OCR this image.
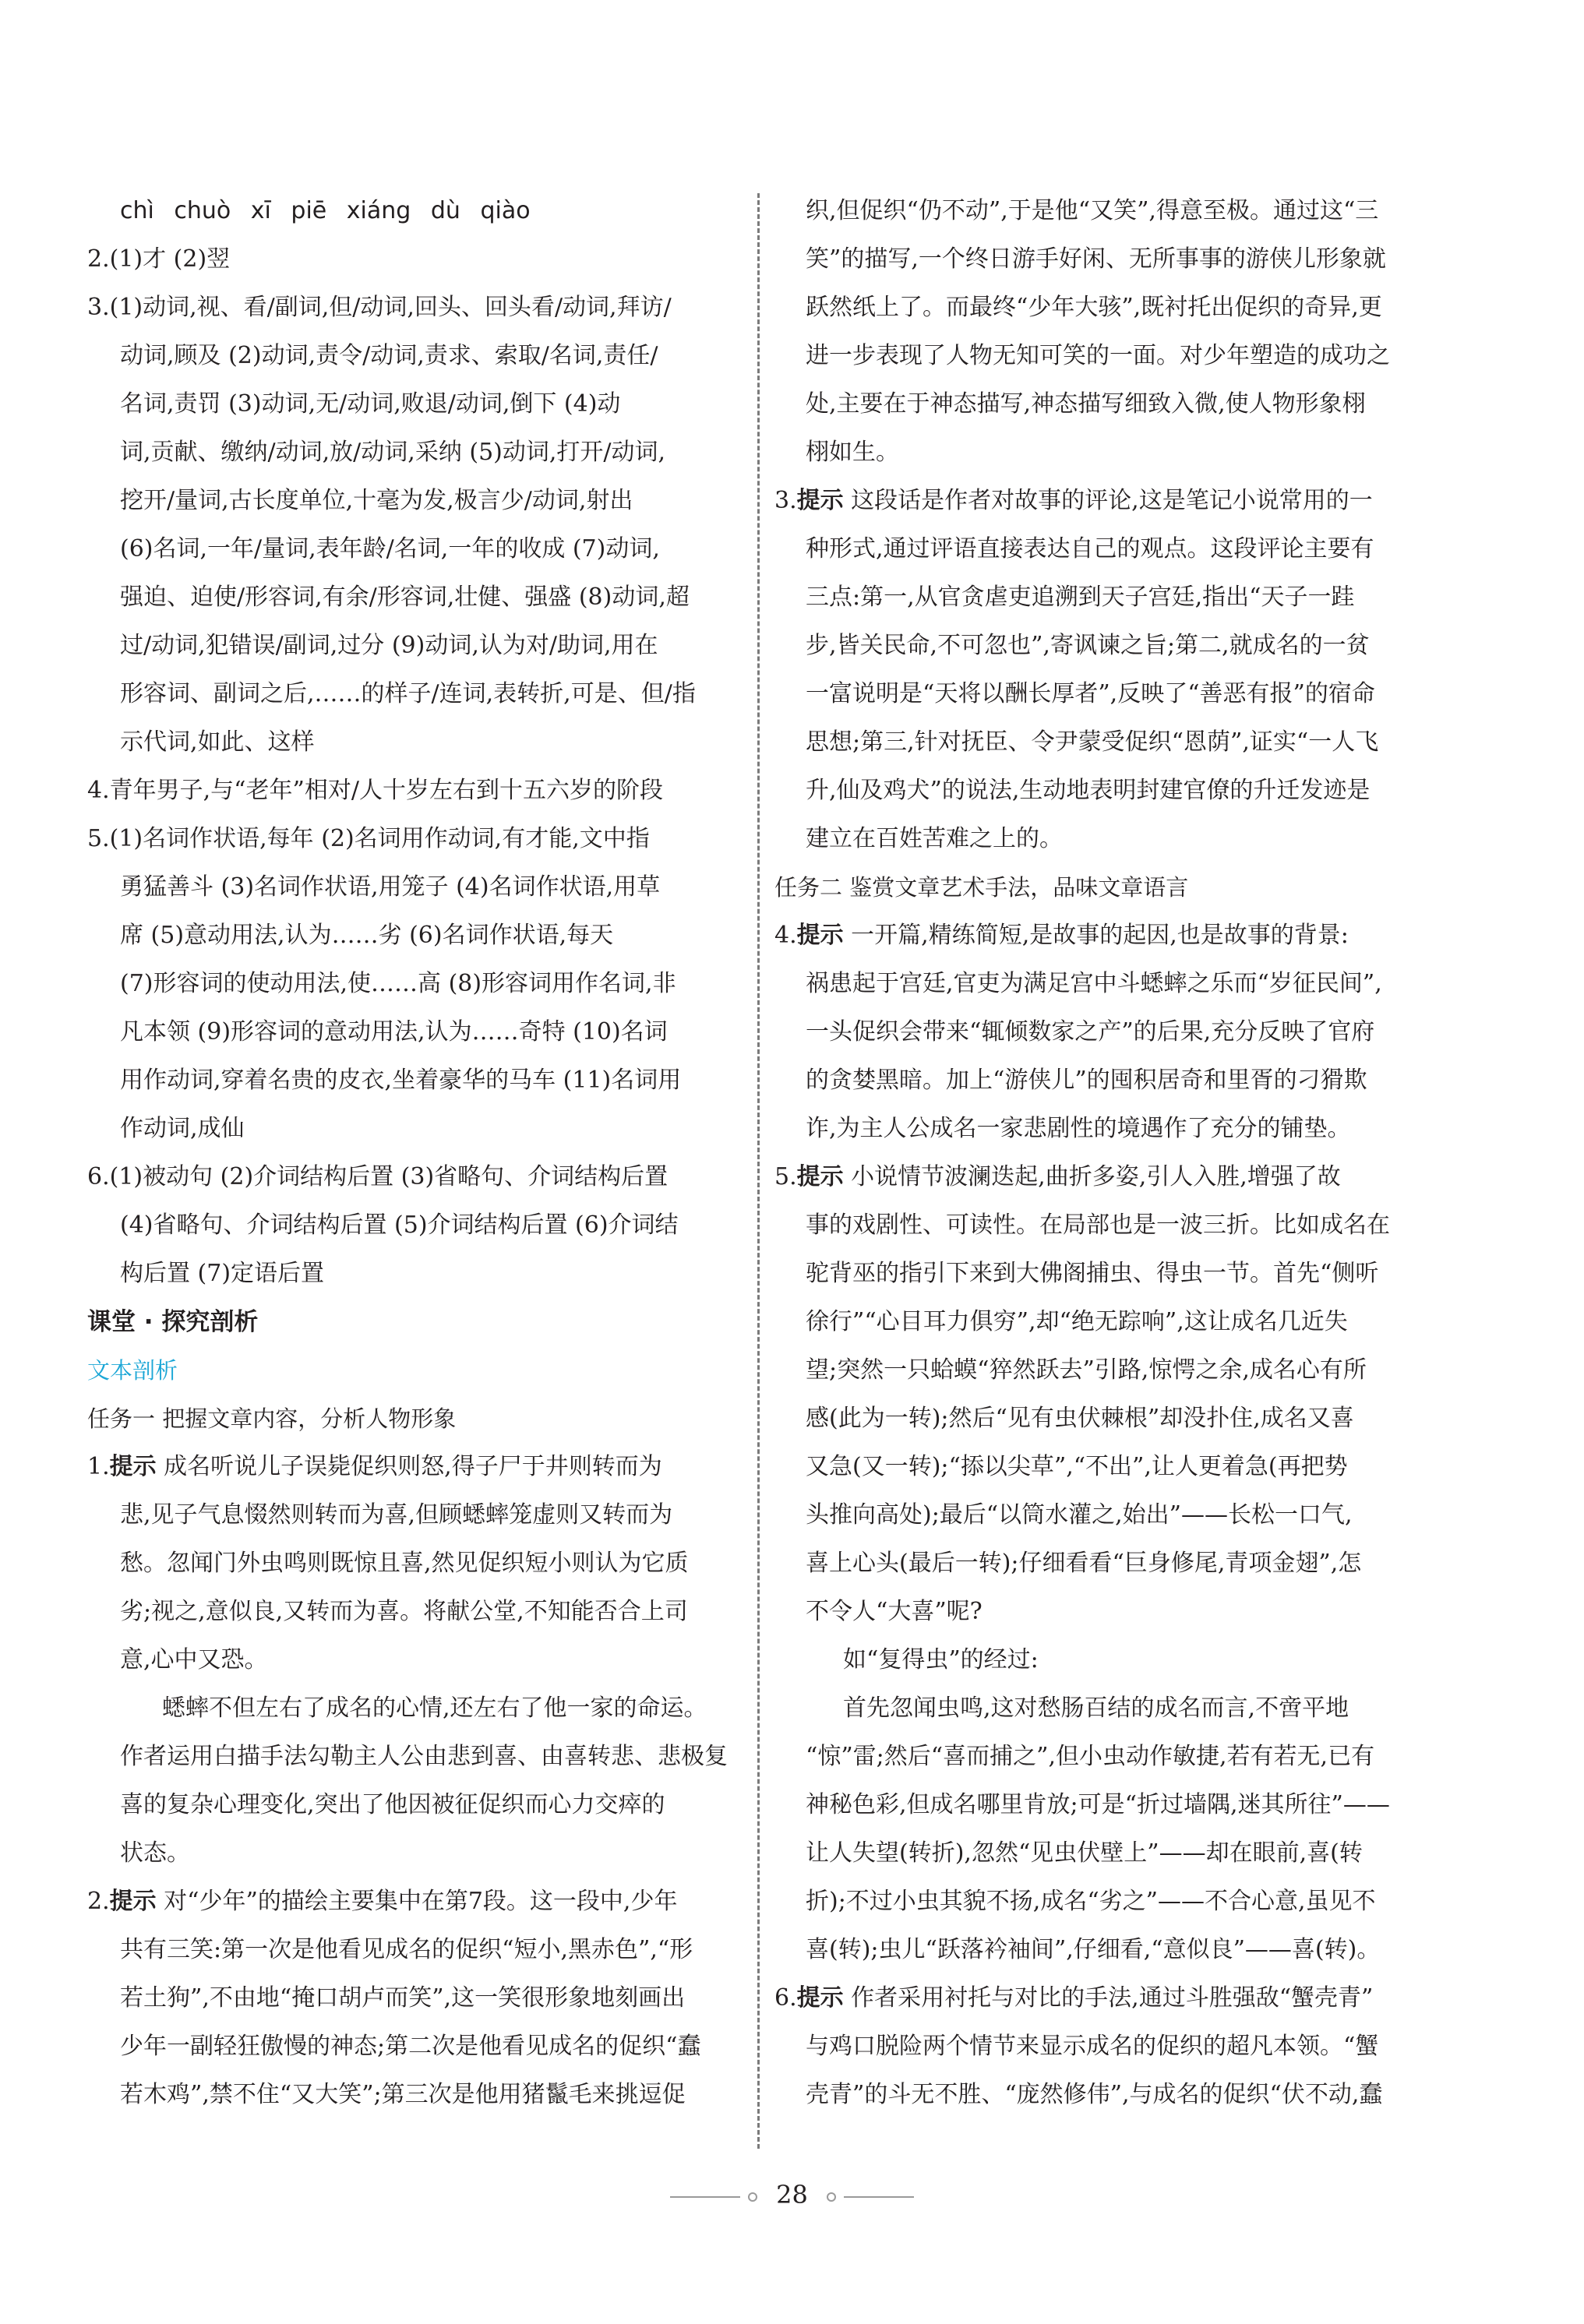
chì chuò xī piē xiáng dù qiào
2.(1)才 (2)翌
3.(1)动词,视、看/副词,但/动词,回头、回头看/动词,拜访/
动词,顾及 (2)动词,责令/动词,责求、索取/名词,责任/
名词,责罚 (3)动词,无/动词,败退/动词,倒下 (4)动
词,贡献、缴纳/动词,放/动词,采纳 (5)动词,打开/动词,
挖开/量词,古长度单位,十毫为发,极言少/动词,射出
(6)名词,一年/量词,表年龄/名词,一年的收成 (7)动词,
强迫、迫使/形容词,有余/形容词,壮健、强盛 (8)动词,超
过/动词,犯错误/副词,过分 (9)动词,认为对/助词,用在
形容词、副词之后,……的样子/连词,表转折,可是、但/指
示代词,如此、这样
4.青年男子,与“老年”相对/人十岁左右到十五六岁的阶段
5.(1)名词作状语,每年 (2)名词用作动词,有才能,文中指
勇猛善斗 (3)名词作状语,用笼子 (4)名词作状语,用草
席 (5)意动用法,认为……劣 (6)名词作状语,每天
(7)形容词的使动用法,使……高 (8)形容词用作名词,非
凡本领 (9)形容词的意动用法,认为……奇特 (10)名词
用作动词,穿着名贵的皮衣,坐着豪华的马车 (11)名词用
作动词,成仙
6.(1)被动句 (2)介词结构后置 (3)省略句、介词结构后置
(4)省略句、介词结构后置 (5)介词结构后置 (6)介词结
构后置 (7)定语后置
课堂 · 探究剖析
文本剖析
任务一 把握文章内容，分析人物形象
1.提示 成名听说儿子误毙促织则怒,得子尸于井则转而为
悲,见子气息惙然则转而为喜,但顾蟋蟀笼虚则又转而为
愁。忽闻门外虫鸣则既惊且喜,然见促织短小则认为它质
劣;视之,意似良,又转而为喜。将献公堂,不知能否合上司
意,心中又恐。
蟋蟀不但左右了成名的心情,还左右了他一家的命运。
作者运用白描手法勾勒主人公由悲到喜、由喜转悲、悲极复
喜的复杂心理变化,突出了他因被征促织而心力交瘁的
状态。
2.提示 对“少年”的描绘主要集中在第7段。这一段中,少年
共有三笑:第一次是他看见成名的促织“短小,黑赤色”,“形
若土狗”,不由地“掩口胡卢而笑”,这一笑很形象地刻画出
少年一副轻狂傲慢的神态;第二次是他看见成名的促织“蠢
若木鸡”,禁不住“又大笑”;第三次是他用猪鬣毛来挑逗促
织,但促织“仍不动”,于是他“又笑”,得意至极。通过这“三
笑”的描写,一个终日游手好闲、无所事事的游侠儿形象就
跃然纸上了。而最终“少年大骇”,既衬托出促织的奇异,更
进一步表现了人物无知可笑的一面。对少年塑造的成功之
处,主要在于神态描写,神态描写细致入微,使人物形象栩
栩如生。
3.提示 这段话是作者对故事的评论,这是笔记小说常用的一
种形式,通过评语直接表达自己的观点。这段评论主要有
三点:第一,从官贪虐吏追溯到天子宫廷,指出“天子一跬
步,皆关民命,不可忽也”,寄讽谏之旨;第二,就成名的一贫
一富说明是“天将以酬长厚者”,反映了“善恶有报”的宿命
思想;第三,针对抚臣、令尹蒙受促织“恩荫”,证实“一人飞
升,仙及鸡犬”的说法,生动地表明封建官僚的升迁发迹是
建立在百姓苦难之上的。
任务二 鉴赏文章艺术手法，品味文章语言
4.提示 一开篇,精练简短,是故事的起因,也是故事的背景:
祸患起于宫廷,官吏为满足宫中斗蟋蟀之乐而“岁征民间”,
一头促织会带来“辄倾数家之产”的后果,充分反映了官府
的贪婪黑暗。加上“游侠儿”的囤积居奇和里胥的刁猾欺
诈,为主人公成名一家悲剧性的境遇作了充分的铺垫。
5.提示 小说情节波澜迭起,曲折多姿,引人入胜,增强了故
事的戏剧性、可读性。在局部也是一波三折。比如成名在
驼背巫的指引下来到大佛阁捕虫、得虫一节。首先“侧听
徐行”“心目耳力俱穷”,却“绝无踪响”,这让成名几近失
望;突然一只蛤蟆“猝然跃去”引路,惊愕之余,成名心有所
感(此为一转);然后“见有虫伏棘根”却没扑住,成名又喜
又急(又一转);“掭以尖草”,“不出”,让人更着急(再把势
头推向高处);最后“以筒水灌之,始出”——长松一口气,
喜上心头(最后一转);仔细看看“巨身修尾,青项金翅”,怎
不令人“大喜”呢?
如“复得虫”的经过:
首先忽闻虫鸣,这对愁肠百结的成名而言,不啻平地
“惊”雷;然后“喜而捕之”,但小虫动作敏捷,若有若无,已有
神秘色彩,但成名哪里肯放;可是“折过墙隅,迷其所往”——
让人失望(转折),忽然“见虫伏壁上”——却在眼前,喜(转
折);不过小虫其貌不扬,成名“劣之”——不合心意,虽见不
喜(转);虫儿“跃落衿袖间”,仔细看,“意似良”——喜(转)。
6.提示 作者采用衬托与对比的手法,通过斗胜强敌“蟹壳青”
与鸡口脱险两个情节来显示成名的促织的超凡本领。“蟹
壳青”的斗无不胜、“庞然修伟”,与成名的促织“伏不动,蠢
28
